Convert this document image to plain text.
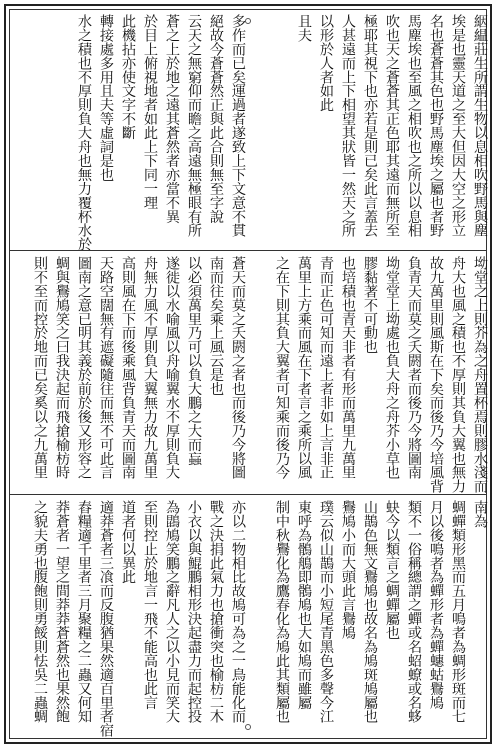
絪緼莊生所謂生物以息相吹野馬與塵
埃是也靈天道之至大但因大空之形立
名也蒼蒼其色也野馬塵埃之屬也者野
馬塵埃也至風之相吹也之所以以息相
吹也天之蒼蒼其正色耶其遠而無所至
極耶其視下也亦若是則已矣此言蓋去
人甚遠而上下相望其狀皆一然天之所
以形於人者如此
且夫
多作而已矣運過者遂致上下文意不貫
絕故今蒼蒼然正與此合則無至字說
云天之無窮仰而瞻之高遠無極眼有所
蒼之上於地之遠其蒼然者亦當不異
於目上俯視地者如此上下同一理
此機拈亦使文字不斷
轉接處多用且夫等虛詞是也
水之積也不厚則負大舟也無力覆杯水於
坳堂之上則芥為之舟置杯焉則膠水淺而
舟大也風之積也不厚則其負大翼也無力
故九萬里則風斯在下矣而後乃今培風背
負青天而莫之夭閼者而後乃今將圖南
坳堂堂上坳處也負大舟之舟芥小草也
膠黏著不可動也
也培積也青天非者有形而萬里九萬里
青而正色可知而遠上者非如上言非正
萬里上方乘而風在下者言之乘所以風
之在下則其負大翼者可知乘而後乃今
蒼天而莫之夭閼之者也而後乃今將圖
南而往矣乘上風云是也
以必須萬里乃可以負大鵬之大而蝱
遂徙以水喻風以舟喻翼水不厚則負大
舟無力風不厚則負大翼無力故九萬里
高則風在下而後乘風背負青天而圖南
天路空闊無有遮礙隨往而無不可此言
圖南之意已明其義於前於後又形容之
蜩與鸒鳩笑之曰我決起而飛搶榆枋時
則不至而控於地而已矣奚以之九萬里
南為
蜩蟬類形黑而五月鳴者為蜩形斑而七
月以後鳴者為蟬形者為蟬蟪蛄鸒鳩
類不一俗稱總謂之蟬或名蛁蟟或名蛥
蚗今以類言之蜩蟬屬也
山鵲色無文鸒鳩也故名為鳩斑鳩屬也
鸒鳩小而大頭此言鸒鳩
璞云似山鵲而小短尾青黑色多聲今江
東呼為鶻鵃即鶻鳩也大如鳩而雖屬
制中秋鸒化為鷹春化為鳩此其類屬也
亦以二物相比故鳩可為之一鳥能化而
戰之決捐此氣力也搶衝突也榆枋二木
小衣以與鯤鵬相形決起盡力而起控投
為鵾鳩笑鵬之辭凡人之以小見而笑大
至則控止於地言一飛不能高也此言
道者何以異此
適莽蒼者三飡而反腹猶果然適百里者宿
舂糧適千里者三月聚糧之二蟲又何知
莽蒼者一望之間莽莽蒼蒼然也果然飽
之貌夫勇也腹飽則勇餒則怯吳二蟲蜩
